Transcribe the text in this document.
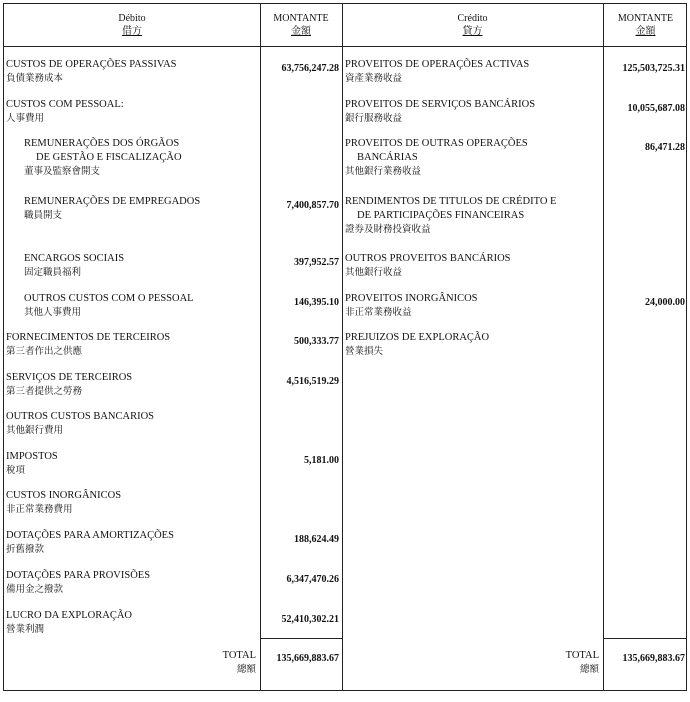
Débito
借方
MONTANTE
金額
Crédito
貸方
MONTANTE
金額
CUSTOS DE OPERAÇÕES PASSIVAS
負債業務成本
63,756,247.28
CUSTOS COM PESSOAL:
人事費用
REMUNERAÇÕES DOS ÓRGÃOS
DE GESTÃO E FISCALIZAÇÃO
董事及監察會開支
REMUNERAÇÕES DE EMPREGADOS
職員開支
7,400,857.70
ENCARGOS SOCIAIS
固定職員福利
397,952.57
OUTROS CUSTOS COM O PESSOAL
其他人事費用
146,395.10
FORNECIMENTOS DE TERCEIROS
第三者作出之供應
500,333.77
SERVIÇOS DE TERCEIROS
第三者提供之勞務
4,516,519.29
OUTROS CUSTOS BANCARIOS
其他銀行費用
IMPOSTOS
稅項
5,181.00
CUSTOS INORGÂNICOS
非正常業務費用
DOTAÇÕES PARA AMORTIZAÇÕES
折舊撥款
188,624.49
DOTAÇÕES PARA PROVISÕES
備用金之撥款
6,347,470.26
LUCRO DA EXPLORAÇÃO
營業利潤
52,410,302.21
PROVEITOS DE OPERAÇÕES ACTIVAS
資產業務收益
125,503,725.31
PROVEITOS DE SERVIÇOS BANCÁRIOS
銀行服務收益
10,055,687.08
PROVEITOS DE OUTRAS OPERAÇÕES
BANCÁRIAS
其他銀行業務收益
86,471.28
RENDIMENTOS DE TITULOS DE CRÉDITO E
DE PARTICIPAÇÕES FINANCEIRAS
證券及財務投資收益
OUTROS PROVEITOS BANCÁRIOS
其他銀行收益
PROVEITOS INORGÂNICOS
非正常業務收益
24,000.00
PREJUIZOS DE EXPLORAÇÃO
營業損失
TOTAL
總額
135,669,883.67	TOTAL
總額
135,669,883.67
